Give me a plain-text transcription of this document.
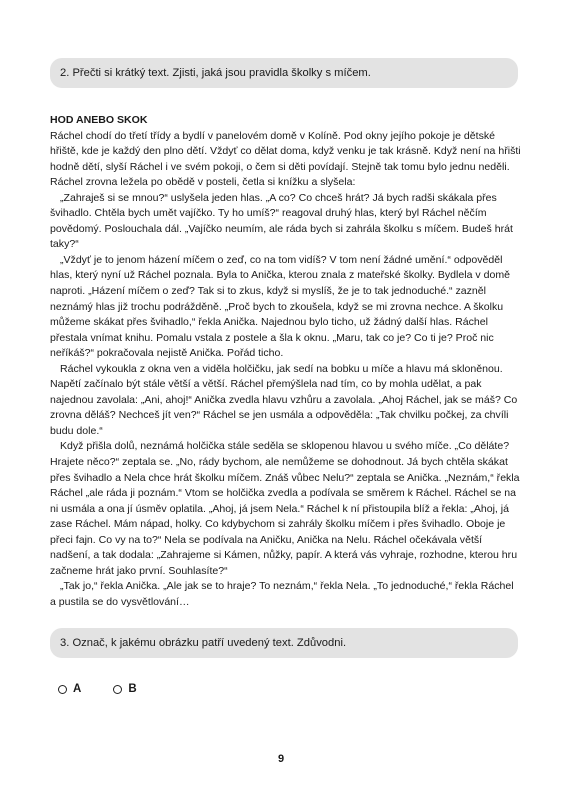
2. Přečti si krátký text. Zjisti, jaká jsou pravidla školky s míčem.
HOD ANEBO SKOK

Ráchel chodí do třetí třídy a bydlí v panelovém domě v Kolíně. Pod okny jejího pokoje je dětské hřiště, kde je každý den plno dětí. Vždyť co dělat doma, když venku je tak krásně. Když není na hřišti hodně dětí, slyší Ráchel i ve svém pokoji, o čem si děti povídají. Stejně tak tomu bylo jednu neděli. Ráchel zrovna ležela po obědě v posteli, četla si knížku a slyšela:

„Zahraješ si se mnou?“ uslyšela jeden hlas. „A co? Co chceš hrát? Já bych radši skákala přes švihadlo. Chtěla bych umět vajíčko. Ty ho umíš?“ reagoval druhý hlas, který byl Ráchel něčím povědomý. Poslouchala dál. „Vajíčko neumím, ale ráda bych si zahrála školku s míčem. Budeš hrát taky?“

„Vždyť je to jenom házení míčem o zeď, co na tom vidíš? V tom není žádné umění.“ odpověděl hlas, který nyní už Ráchel poznala. Byla to Anička, kterou znala z mateřské školky. Bydlela v domě naproti. „Házení míčem o zeď? Tak si to zkus, když si myslíš, že je to tak jednoduché.“ zazněl neznámý hlas již trochu podrážděně. „Proč bych to zkoušela, když se mi zrovna nechce. A školku můžeme skákat přes švihadlo,“ řekla Anička. Najednou bylo ticho, už žádný další hlas. Ráchel přestala vnímat knihu. Pomalu vstala z postele a šla k oknu. „Maru, tak co je? Co ti je? Proč nic neříkáš?“ pokračovala nejistě Anička. Pořád ticho.

Ráchel vykoukla z okna ven a viděla holčičku, jak sedí na bobku u míče a hlavu má skloněnou. Napětí začínalo být stále větší a větší. Ráchel přemýšlela nad tím, co by mohla udělat, a pak najednou zavolala: „Ani, ahoj!“ Anička zvedla hlavu vzhůru a zavolala. „Ahoj Ráchel, jak se máš? Co zrovna děláš? Nechceš jít ven?“ Ráchel se jen usmála a odpověděla: „Tak chvilku počkej, za chvíli budu dole.“

Když přišla dolů, neznámá holčička stále seděla se sklopenou hlavou u svého míče. „Co děláte? Hrajete něco?“ zeptala se. „No, rády bychom, ale nemůžeme se dohodnout. Já bych chtěla skákat přes švihadlo a Nela chce hrát školku míčem. Znáš vůbec Nelu?“ zeptala se Anička. „Neznám,“ řekla Ráchel „ale ráda ji poznám.“ Vtom se holčička zvedla a podívala se směrem k Ráchel. Ráchel se na ni usmála a ona jí úsměv oplatila. „Ahoj, já jsem Nela.“ Ráchel k ní přistoupila blíž a řekla: „Ahoj, já zase Ráchel. Mám nápad, holky. Co kdybychom si zahrály školku míčem i přes švihadlo. Oboje je přeci fajn. Co vy na to?“ Nela se podívala na Aničku, Anička na Nelu. Ráchel očekávala větší nadšení, a tak dodala: „Zahrajeme si Kámen, nůžky, papír. A která vás vyhraje, rozhodne, kterou hru začneme hrát jako první. Souhlasíte?“

„Tak jo,“ řekla Anička. „Ale jak se to hraje? To neznám,“ řekla Nela. „To jednoduché,“ řekla Ráchel a pustila se do vysvětlování…

3. Označ, k jakému obrázku patří uvedený text. Zdůvodni.
A	B
9
